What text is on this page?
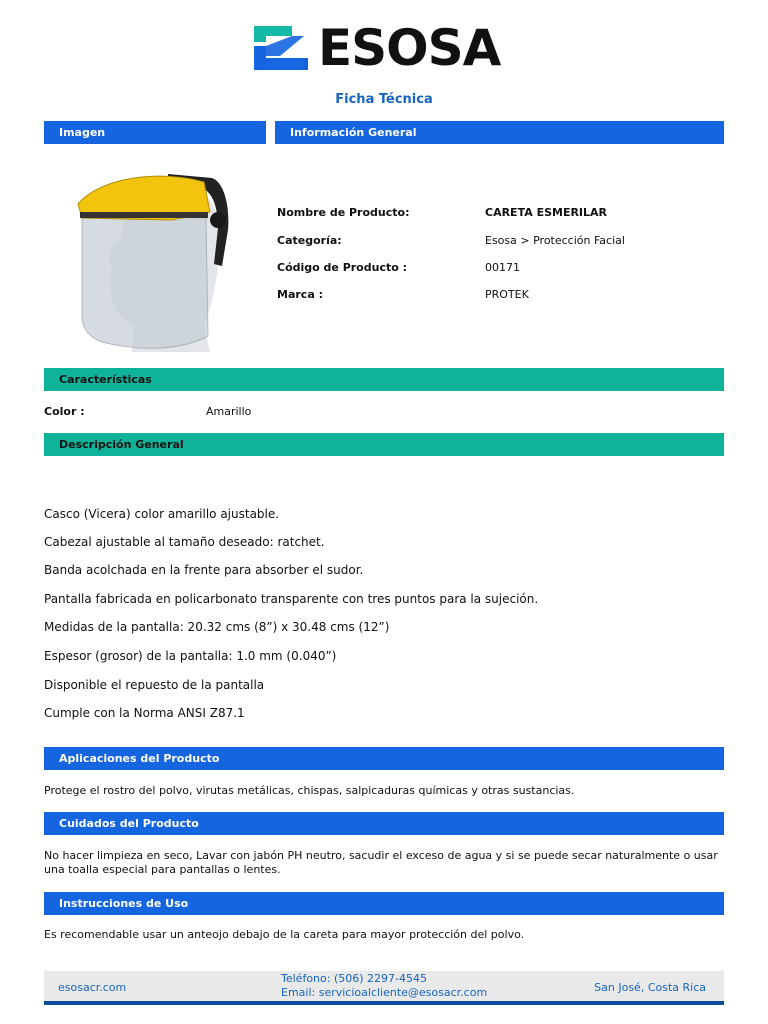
ESOSA
Ficha Técnica
Imagen	Información General
Nombre de Producto:	CARETA ESMERILAR
Categoría:	Esosa > Protección Facial
Código de Producto :	00171
Marca :	PROTEK
Características
Color :	Amarillo
Descripción General
Casco (Vicera) color amarillo ajustable.
Cabezal ajustable al tamaño deseado: ratchet.
Banda acolchada en la frente para absorber el sudor.
Pantalla fabricada en policarbonato transparente con tres puntos para la sujeción.
Medidas de la pantalla: 20.32 cms (8”) x 30.48 cms (12”)
Espesor (grosor) de la pantalla: 1.0 mm (0.040”)
Disponible el repuesto de la pantalla
Cumple con la Norma ANSI Z87.1
Aplicaciones del Producto
Protege el rostro del polvo, virutas metálicas, chispas, salpicaduras químicas y otras sustancias.
Cuidados del Producto
No hacer limpieza en seco, Lavar con jabón PH neutro, sacudir el exceso de agua y si se puede secar naturalmente o usar una toalla especial para pantallas o lentes.
Instrucciones de Uso
Es recomendable usar un anteojo debajo de la careta para mayor protección del polvo.
esosacr.com
Teléfono: (506) 2297-4545
Email: servicioalcliente@esosacr.com	San José, Costa Rica
